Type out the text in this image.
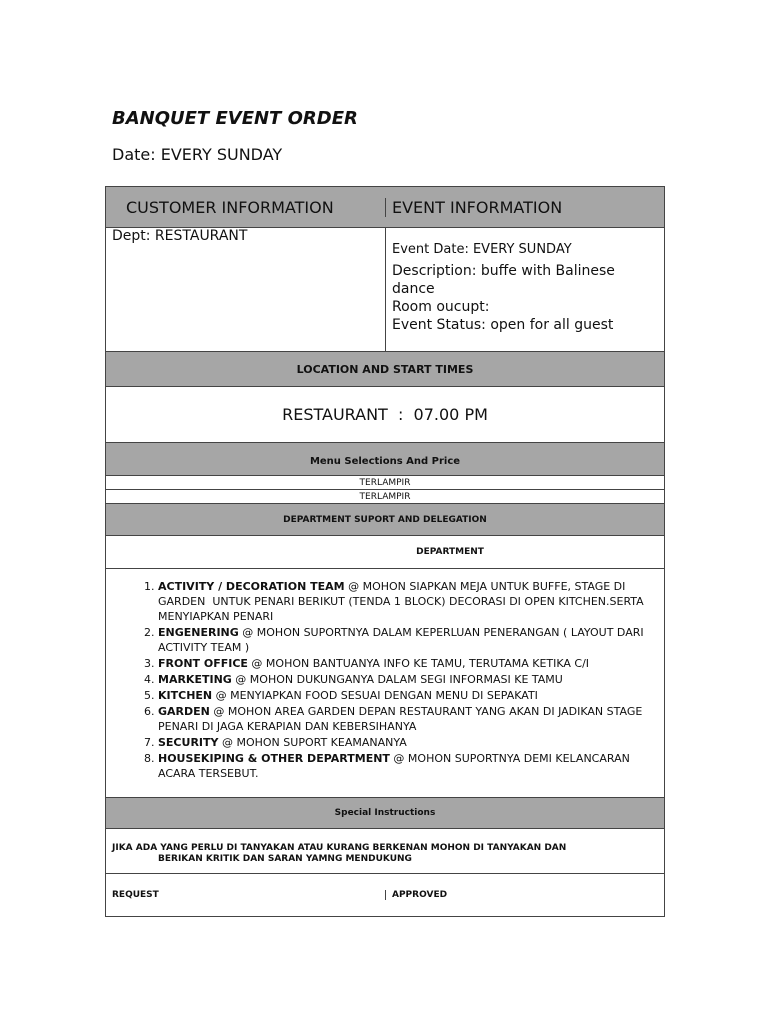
BANQUET EVENT ORDER
Date: EVERY SUNDAY
CUSTOMER INFORMATION	EVENT INFORMATION
Dept: RESTAURANT

Event Date: EVERY SUNDAY

Description: buffe with Balinese dance

Room oucupt:

Event Status: open for all guest

LOCATION AND START TIMES
RESTAURANT  :  07.00 PM
Menu Selections And Price
TERLAMPIR
TERLAMPIR
DEPARTMENT SUPORT AND DELEGATION
DEPARTMENT
1. ACTIVITY / DECORATION TEAM @ MOHON SIAPKAN MEJA UNTUK BUFFE, STAGE DI                            GARDEN  UNTUK PENARI BERIKUT (TENDA 1 BLOCK) DECORASI DI OPEN KITCHEN.SERTA MENYIAPKAN PENARI
2. ENGENERING @ MOHON SUPORTNYA DALAM KEPERLUAN PENERANGAN ( LAYOUT DARI ACTIVITY TEAM )
3. FRONT OFFICE @ MOHON BANTUANYA INFO KE TAMU, TERUTAMA KETIKA C/I
4. MARKETING @ MOHON DUKUNGANYA DALAM SEGI INFORMASI KE TAMU
5. KITCHEN @ MENYIAPKAN FOOD SESUAI DENGAN MENU DI SEPAKATI
6. GARDEN @ MOHON AREA GARDEN DEPAN RESTAURANT YANG AKAN DI JADIKAN STAGE PENARI DI JAGA KERAPIAN DAN KEBERSIHANYA
7. SECURITY @ MOHON SUPORT KEAMANANYA
8. HOUSEKIPING & OTHER DEPARTMENT @ MOHON SUPORTNYA DEMI KELANCARAN ACARA TERSEBUT.
Special Instructions
JIKA ADA YANG PERLU DI TANYAKAN ATAU KURANG BERKENAN MOHON DI TANYAKAN DAN
BERIKAN KRITIK DAN SARAN YAMNG MENDUKUNG
REQUEST	APPROVED
